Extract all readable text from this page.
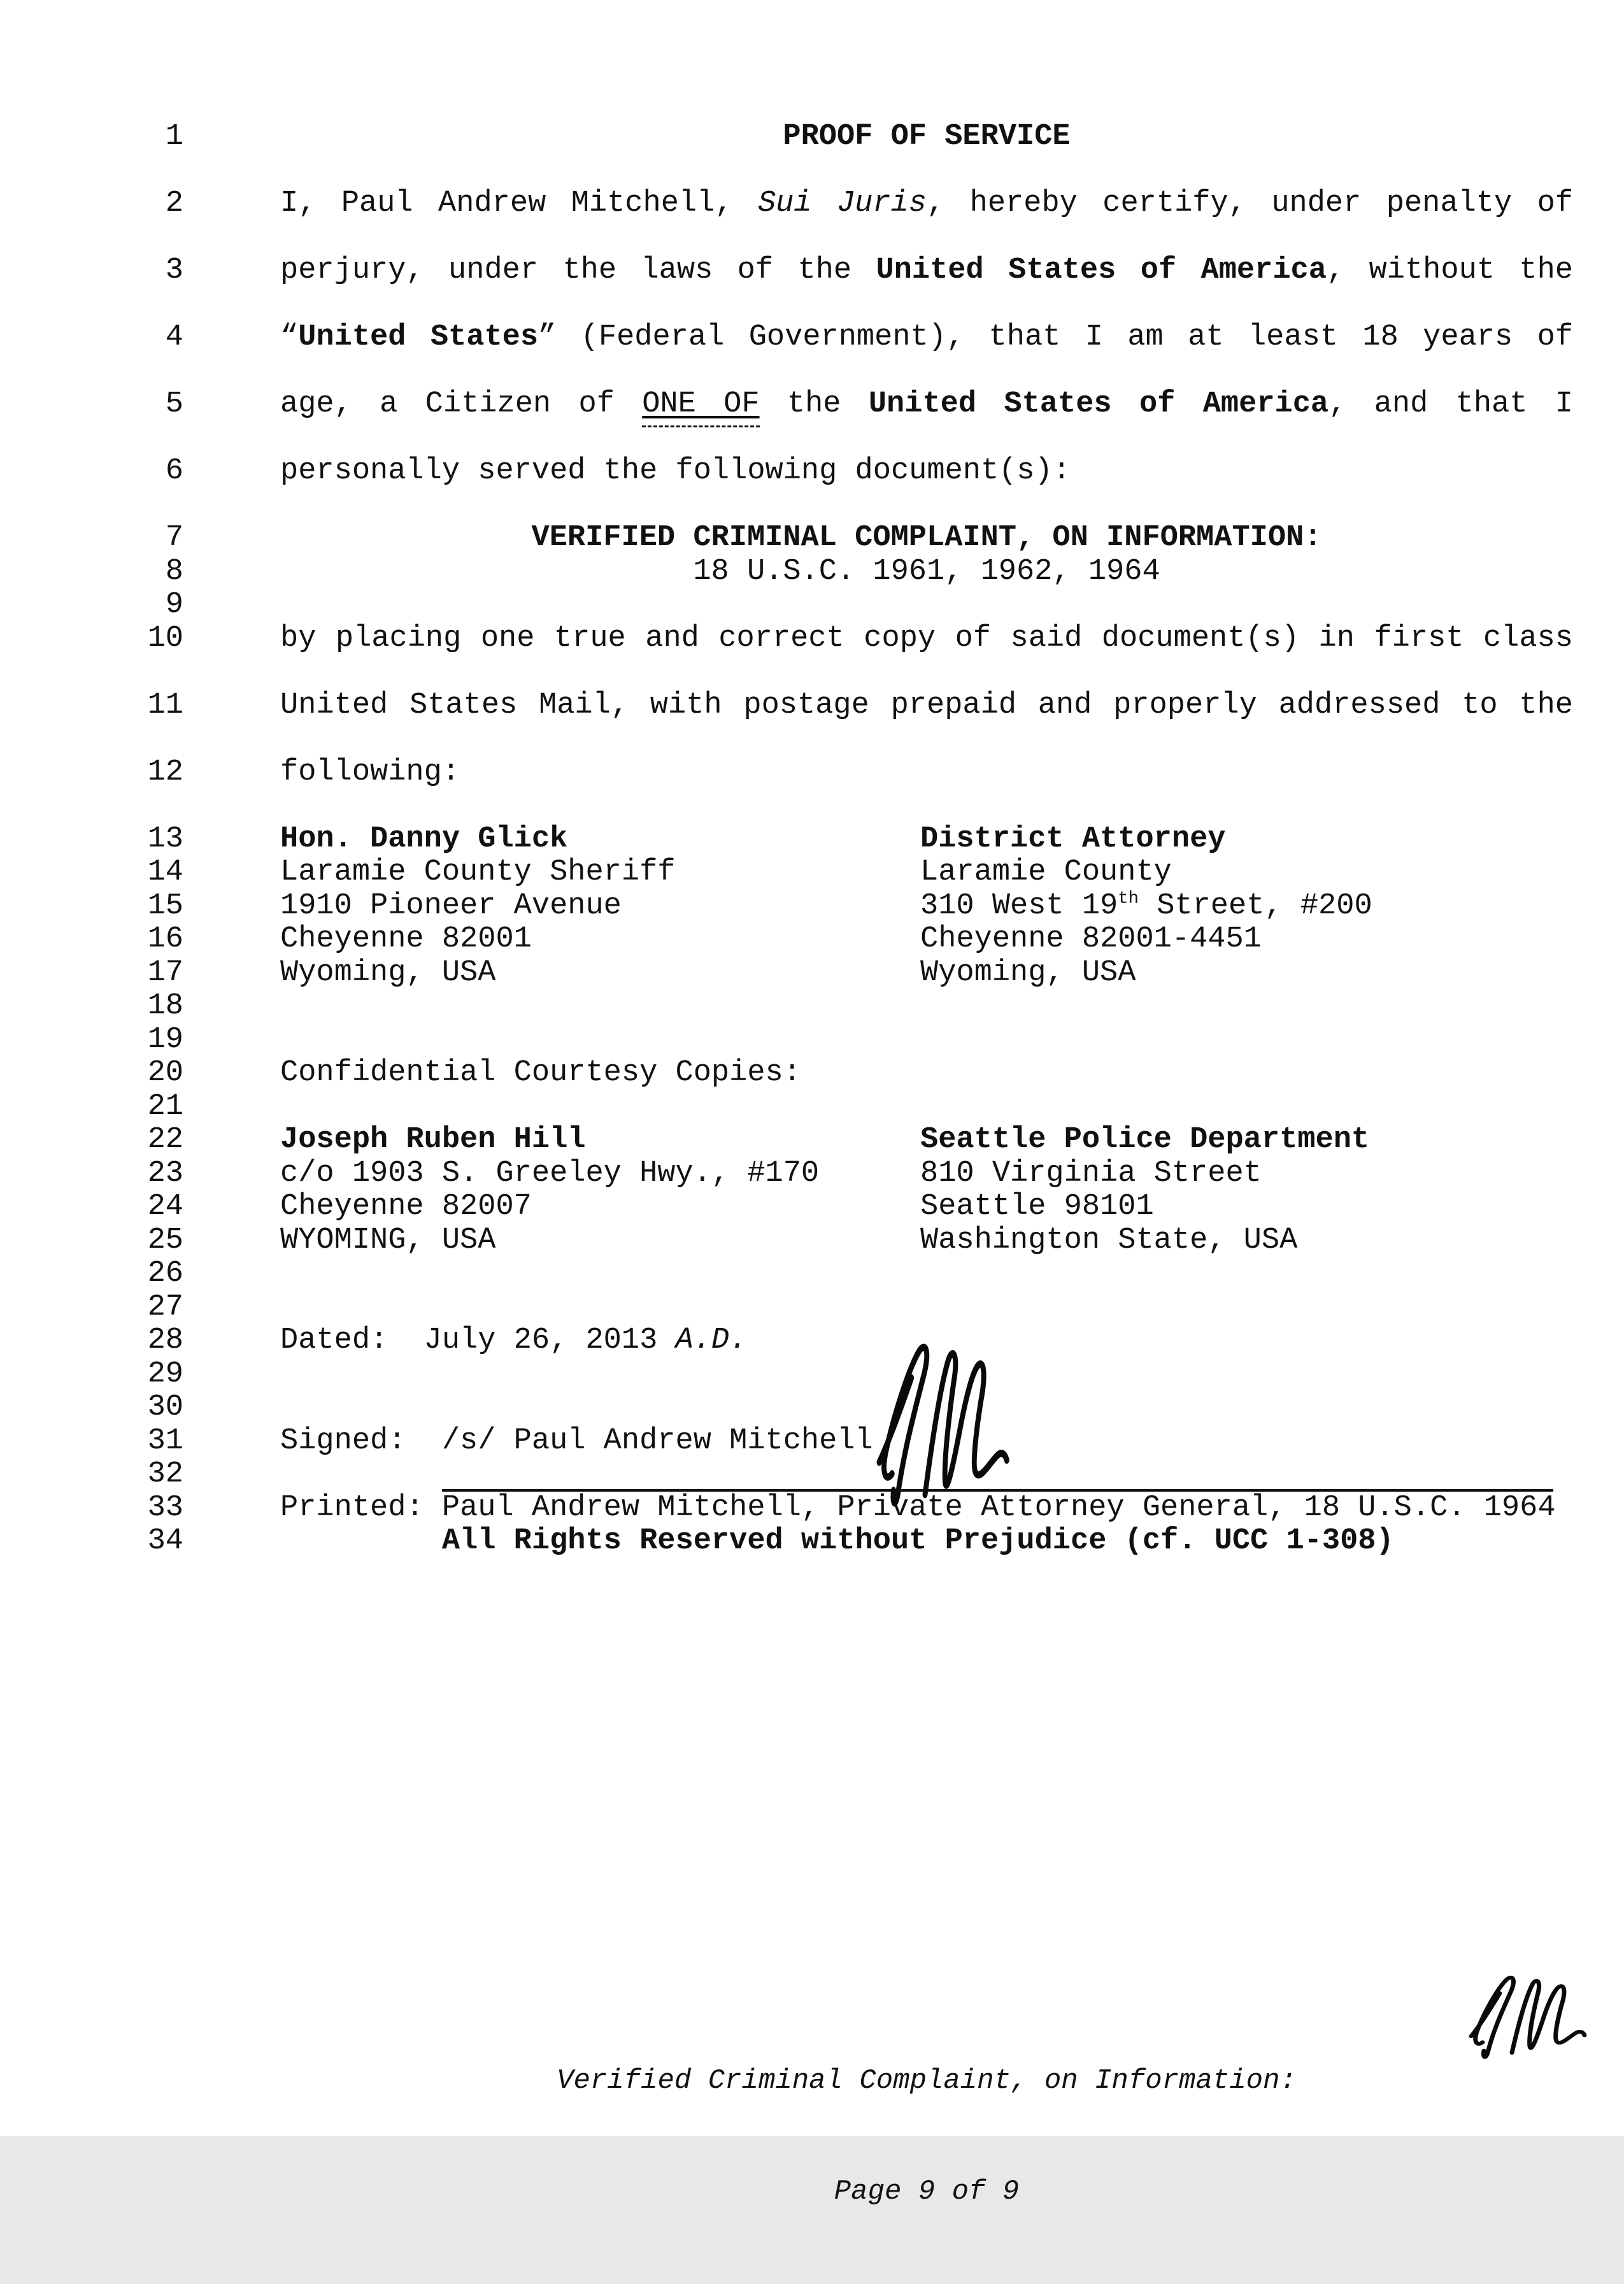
1	PROOF OF SERVICE
2	I, Paul Andrew Mitchell, Sui Juris, hereby certify, under penalty of
3	perjury, under the laws of the United States of America, without the
4	“United States” (Federal Government), that I am at least 18 years of
5	age, a Citizen of ONE OF the United States of America, and that I
6	personally served the following document(s):
7	VERIFIED CRIMINAL COMPLAINT, ON INFORMATION:
8	18 U.S.C. 1961, 1962, 1964
9
10	by placing one true and correct copy of said document(s) in first class
11	United States Mail, with postage prepaid and properly addressed to the
12	following:
13	Hon. Danny Glick	District Attorney
14	Laramie County Sheriff	Laramie County
15	1910 Pioneer Avenue	310 West 19th Street, #200
16	Cheyenne 82001	Cheyenne 82001-4451
17	Wyoming, USA	Wyoming, USA
18
19
20	Confidential Courtesy Copies:
21
22	Joseph Ruben Hill	Seattle Police Department
23	c/o 1903 S. Greeley Hwy., #170	810 Virginia Street
24	Cheyenne 82007	Seattle 98101
25	WYOMING, USA	Washington State, USA
26
27
28	Dated:  July 26, 2013 A.D.
29
30
31	Signed:  /s/ Paul Andrew Mitchell
32
33	Printed: Paul Andrew Mitchell, Private Attorney General, 18 U.S.C. 1964
34	All Rights Reserved without Prejudice (cf. UCC 1-308)

Verified Criminal Complaint, on Information:

Page 9 of 9
